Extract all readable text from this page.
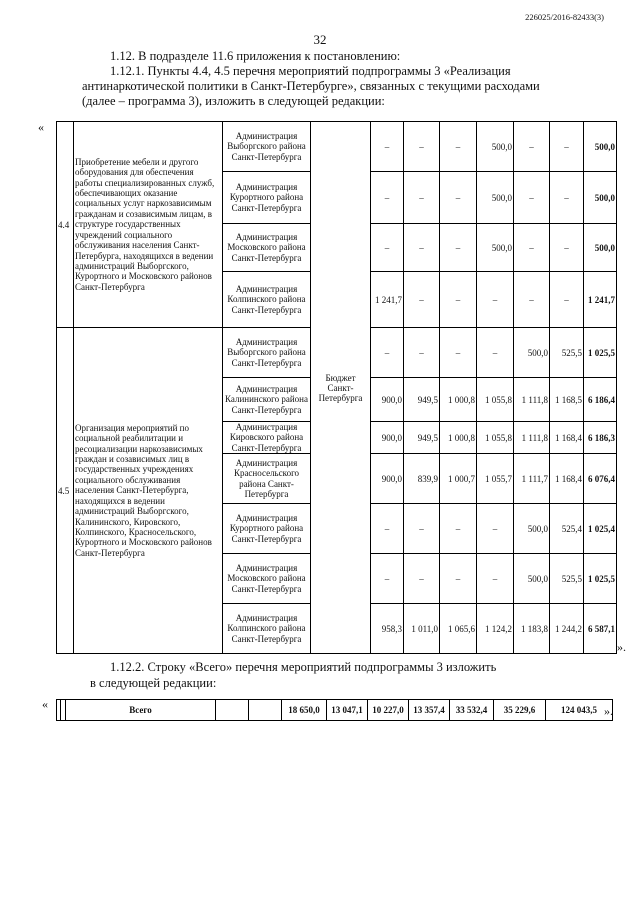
226025/2016-82433(3)
32
1.12. В подразделе 11.6 приложения к постановлению:
1.12.1. Пункты 4.4, 4.5 перечня мероприятий подпрограммы 3 «Реализация
антинаркотической политики в Санкт-Петербурге», связанных с текущими расходами
(далее – программа 3), изложить в следующей редакции:
«
4.4	Приобретение мебели и другого оборудования для обеспечения работы специализированных служб, обеспечивающих оказание социальных услуг наркозависимым гражданам и созависимым лицам, в структуре государственных учреждений социального обслуживания населения Санкт-Петербурга, находящихся в ведении администраций Выборгского, Курортного и Московского районов Санкт-Петербурга	Администрация Выборгского района Санкт-Петербурга	Бюджет Санкт-Петербурга	–	–	–	500,0	–	–	500,0
		Администрация Курортного района Санкт-Петербурга		–	–	–	500,0	–	–	500,0
		Администрация Московского района Санкт-Петербурга		–	–	–	500,0	–	–	500,0
		Администрация Колпинского района Санкт-Петербурга		1 241,7	–	–	–	–	–	1 241,7
4.5	Организация мероприятий по социальной реабилитации и ресоциализации наркозависимых граждан и созависимых лиц в государственных учреждениях социального обслуживания населения Санкт-Петербурга, находящихся в ведении администраций Выборгского, Калининского, Кировского, Колпинского, Красносельского, Курортного и Московского районов Санкт-Петербурга	Администрация Выборгского района Санкт-Петербурга		–	–	–	–	500,0	525,5	1 025,5
		Администрация Калининского района Санкт-Петербурга		900,0	949,5	1 000,8	1 055,8	1 111,8	1 168,5	6 186,4
		Администрация Кировского района Санкт-Петербурга		900,0	949,5	1 000,8	1 055,8	1 111,8	1 168,4	6 186,3
		Администрация Красносельского района Санкт-Петербурга		900,0	839,9	1 000,7	1 055,7	1 111,7	1 168,4	6 076,4
		Администрация Курортного района Санкт-Петербурга		–	–	–	–	500,0	525,4	1 025,4
		Администрация Московского района Санкт-Петербурга		–	–	–	–	500,0	525,5	1 025,5
		Администрация Колпинского района Санкт-Петербурга		958,3	1 011,0	1 065,6	1 124,2	1 183,8	1 244,2	6 587,1
».
1.12.2. Строку «Всего» перечня мероприятий подпрограммы 3 изложить
в следующей редакции:
«
			Всего			18 650,0	13 047,1	10 227,0	13 357,4	33 532,4	35 229,6	124 043,5 ».
